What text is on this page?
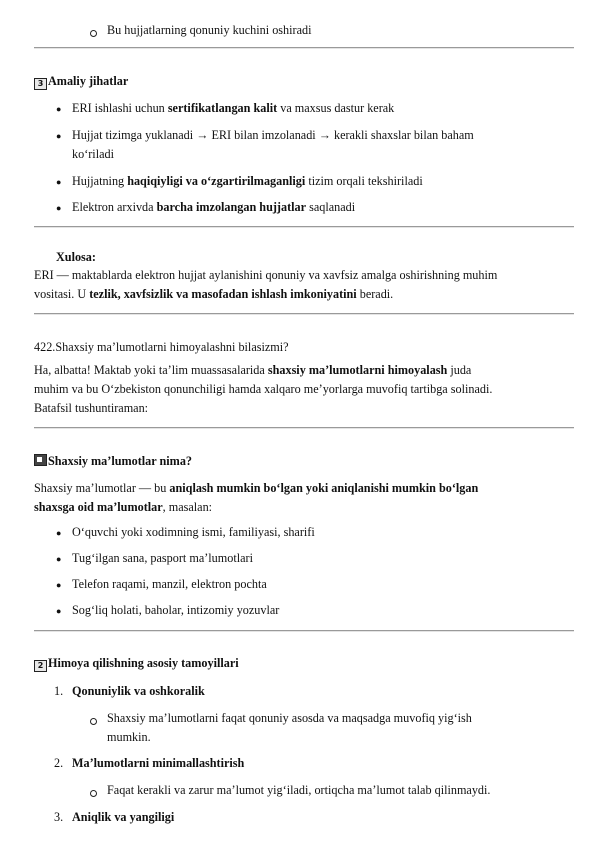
Bu hujjatlarning qonuniy kuchini oshiradi
3 Amaliy jihatlar
● ERI ishlashi uchun sertifikatlangan kalit va maxsus dastur kerak
● Hujjat tizimga yuklanadi → ERI bilan imzolanadi → kerakli shaxslar bilan baham
ko‘riladi
● Hujjatning haqiqiyligi va o‘zgartirilmaganligi tizim orqali tekshiriladi
● Elektron arxivda barcha imzolangan hujjatlar saqlanadi
Xulosa:
ERI — maktablarda elektron hujjat aylanishini qonuniy va xavfsiz amalga oshirishning muhim
vositasi. U tezlik, xavfsizlik va masofadan ishlash imkoniyatini beradi.
422.Shaxsiy ma’lumotlarni himoyalashni bilasizmi?
Ha, albatta! Maktab yoki ta’lim muassasalarida shaxsiy ma’lumotlarni himoyalash juda
muhim va bu O‘zbekiston qonunchiligi hamda xalqaro me’yorlarga muvofiq tartibga solinadi.
Batafsil tushuntiraman:
Shaxsiy ma’lumotlar nima?
Shaxsiy ma’lumotlar — bu aniqlash mumkin bo‘lgan yoki aniqlanishi mumkin bo‘lgan
shaxsga oid ma’lumotlar, masalan:
● O‘quvchi yoki xodimning ismi, familiyasi, sharifi
● Tug‘ilgan sana, pasport ma’lumotlari
● Telefon raqami, manzil, elektron pochta
● Sog‘liq holati, baholar, intizomiy yozuvlar
2 Himoya qilishning asosiy tamoyillari
1. Qonuniylik va oshkoralik
Shaxsiy ma’lumotlarni faqat qonuniy asosda va maqsadga muvofiq yig‘ish
mumkin.
2. Ma’lumotlarni minimallashtirish
Faqat kerakli va zarur ma’lumot yig‘iladi, ortiqcha ma’lumot talab qilinmaydi.
3. Aniqlik va yangiligi
